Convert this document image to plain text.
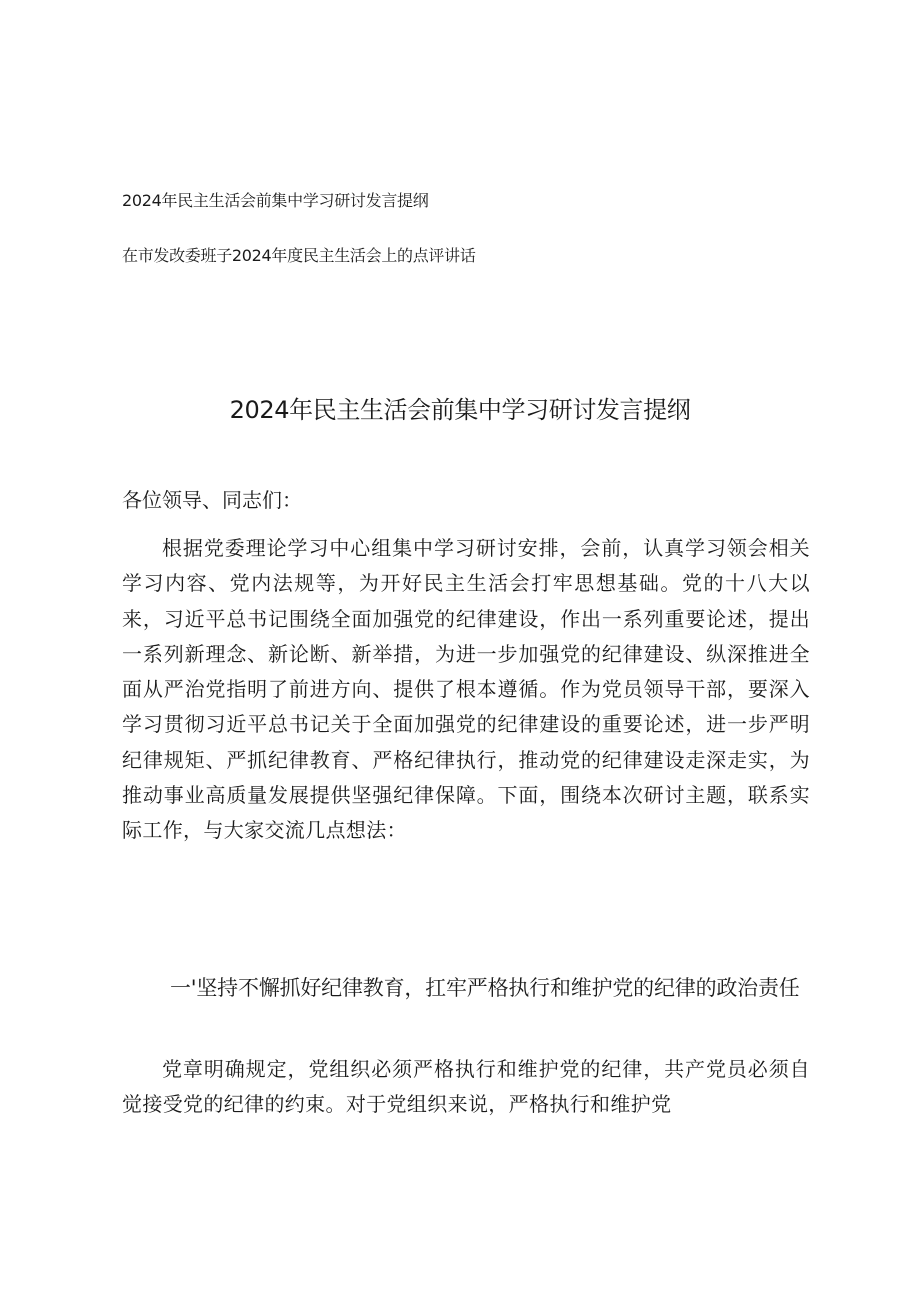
2024年民主生活会前集中学习研讨发言提纲
在市发改委班子2024年度民主生活会上的点评讲话
2024年民主生活会前集中学习研讨发言提纲
各位领导、同志们：
根据党委理论学习中心组集中学习研讨安排，会前，认真学习领会相关学习内容、党内法规等，为开好民主生活会打牢思想基础。党的十八大以来，习近平总书记围绕全面加强党的纪律建设，作出一系列重要论述，提出一系列新理念、新论断、新举措，为进一步加强党的纪律建设、纵深推进全面从严治党指明了前进方向、提供了根本遵循。作为党员领导干部，要深入学习贯彻习近平总书记关于全面加强党的纪律建设的重要论述，进一步严明纪律规矩、严抓纪律教育、严格纪律执行，推动党的纪律建设走深走实，为推动事业高质量发展提供坚强纪律保障。下面，围绕本次研讨主题，联系实际工作，与大家交流几点想法：
一'坚持不懈抓好纪律教育，扛牢严格执行和维护党的纪律的政治责任
党章明确规定，党组织必须严格执行和维护党的纪律，共产党员必须自觉接受党的纪律的约束。对于党组织来说，严格执行和维护党
